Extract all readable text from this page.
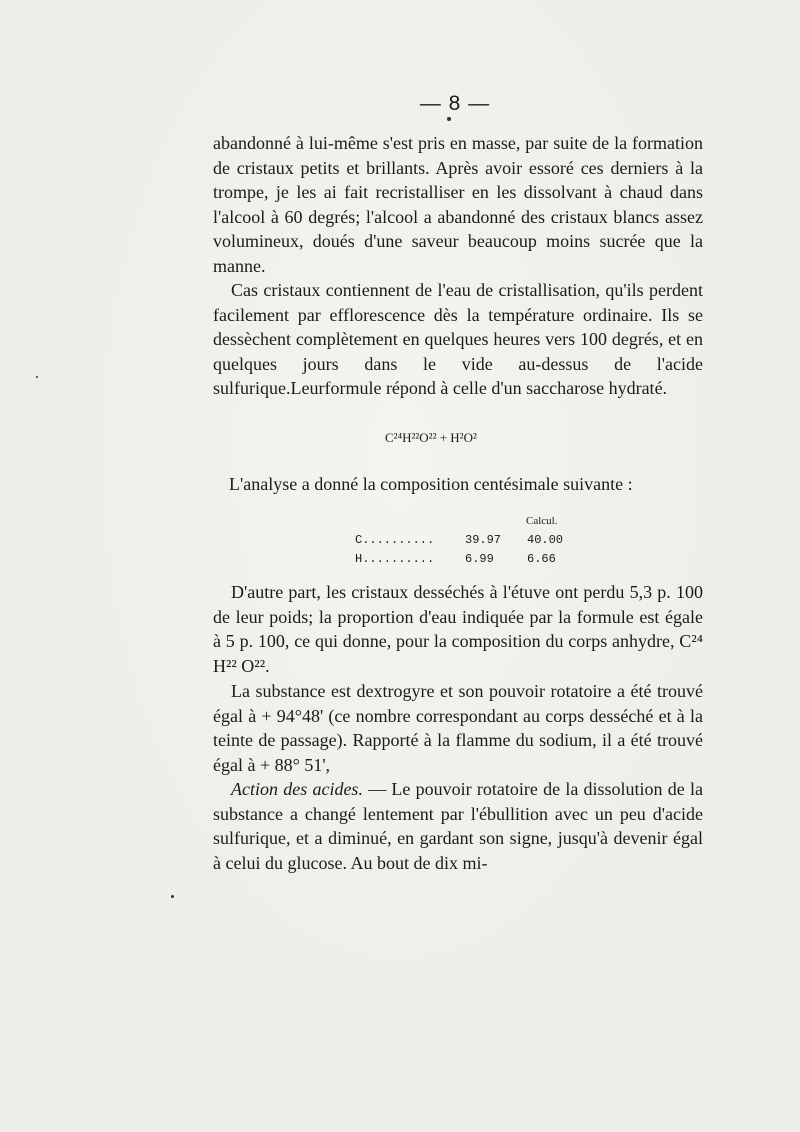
— 8 —

abandonné à lui-même s'est pris en masse, par suite de la formation de cristaux petits et brillants. Après avoir essoré ces derniers à la trompe, je les ai fait recristalliser en les dissolvant à chaud dans l'alcool à 60 degrés; l'alcool a abandonné des cristaux blancs assez volumineux, doués d'une saveur beaucoup moins sucrée que la manne.

Cas cristaux contiennent de l'eau de cristallisation, qu'ils perdent facilement par efflorescence dès la température ordinaire. Ils se dessèchent complètement en quelques heures vers 100 degrés, et en quelques jours dans le vide au-dessus de l'acide sulfurique.Leurformule répond à celle d'un saccharose hydraté.

C²⁴H²²O²² + H²O²
L'analyse a donné la composition centésimale suivante :
Calcul.
C..........	39.97	40.00
H..........	6.99	6.66

D'autre part, les cristaux desséchés à l'étuve ont perdu 5,3 p. 100 de leur poids; la proportion d'eau indiquée par la formule est égale à 5 p. 100, ce qui donne, pour la composition du corps anhydre, C²⁴ H²² O²².

La substance est dextrogyre et son pouvoir rotatoire a été trouvé égal à + 94°48' (ce nombre correspondant au corps desséché et à la teinte de passage). Rapporté à la flamme du sodium, il a été trouvé égal à + 88° 51',

Action des acides. — Le pouvoir rotatoire de la dissolution de la substance a changé lentement par l'ébullition avec un peu d'acide sulfurique, et a diminué, en gardant son signe, jusqu'à devenir égal à celui du glucose. Au bout de dix mi-
